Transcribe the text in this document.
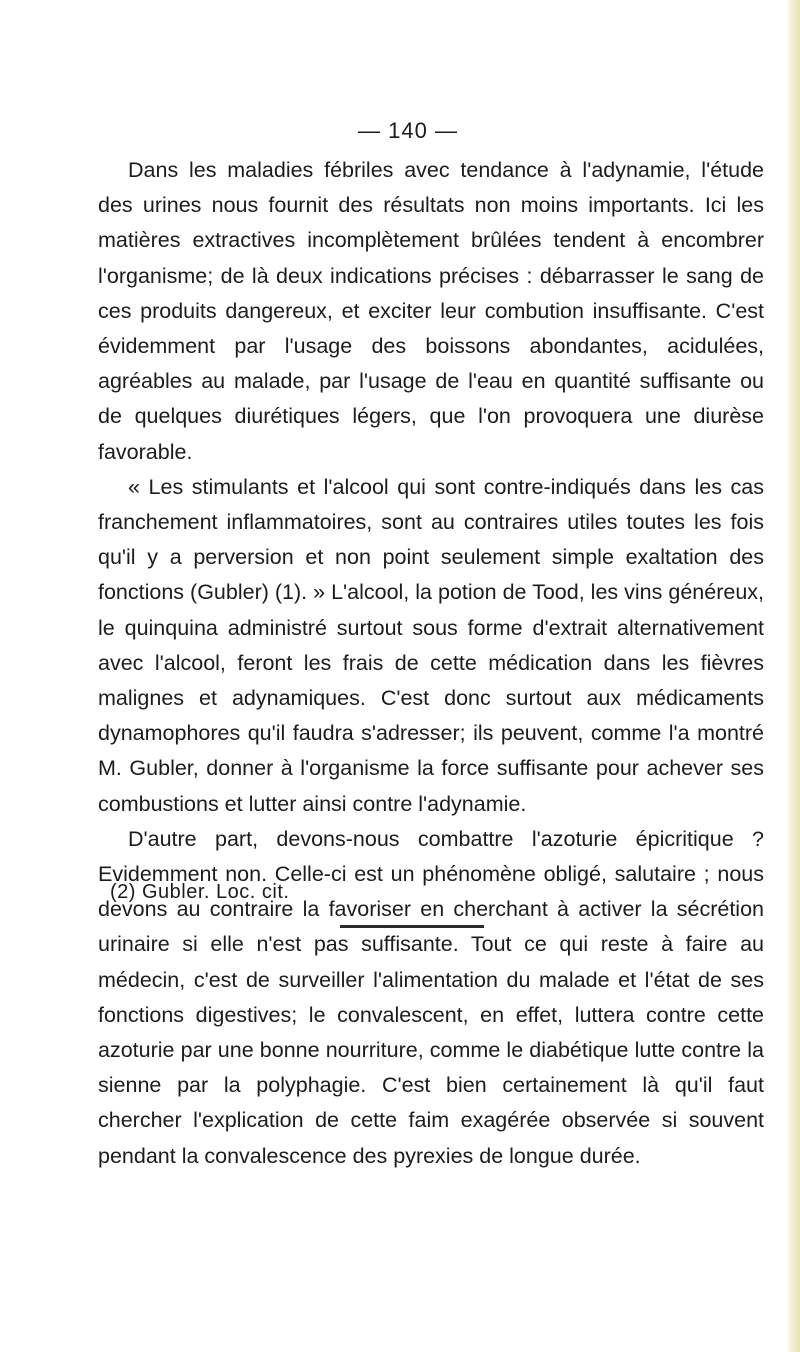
— 140 —

Dans les maladies fébriles avec tendance à l'adynamie, l'étude des urines nous fournit des résultats non moins importants. Ici les matières extractives incomplètement brûlées tendent à encombrer l'organisme; de là deux indications précises : débarrasser le sang de ces produits dangereux, et exciter leur combution insuffisante. C'est évidemment par l'usage des boissons abondantes, acidulées, agréables au malade, par l'usage de l'eau en quantité suffisante ou de quelques diurétiques légers, que l'on provoquera une diurèse favorable.

« Les stimulants et l'alcool qui sont contre-indiqués dans les cas franchement inflammatoires, sont au contraires utiles toutes les fois qu'il y a perversion et non point seulement simple exaltation des fonctions (Gubler) (1). » L'alcool, la potion de Tood, les vins généreux, le quinquina administré surtout sous forme d'extrait alternativement avec l'alcool, feront les frais de cette médication dans les fièvres malignes et adynamiques. C'est donc surtout aux médicaments dynamophores qu'il faudra s'adresser; ils peuvent, comme l'a montré M. Gubler, donner à l'organisme la force suffisante pour achever ses combustions et lutter ainsi contre l'adynamie.

D'autre part, devons-nous combattre l'azoturie épicritique ? Evidemment non. Celle-ci est un phénomène obligé, salutaire ; nous devons au contraire la favoriser en cherchant à activer la sécrétion urinaire si elle n'est pas suffisante. Tout ce qui reste à faire au médecin, c'est de surveiller l'alimentation du malade et l'état de ses fonctions digestives; le convalescent, en effet, luttera contre cette azoturie par une bonne nourriture, comme le diabétique lutte contre la sienne par la polyphagie. C'est bien certainement là qu'il faut chercher l'explication de cette faim exagérée observée si souvent pendant la convalescence des pyrexies de longue durée.

(2) Gubler. Loc. cit.
